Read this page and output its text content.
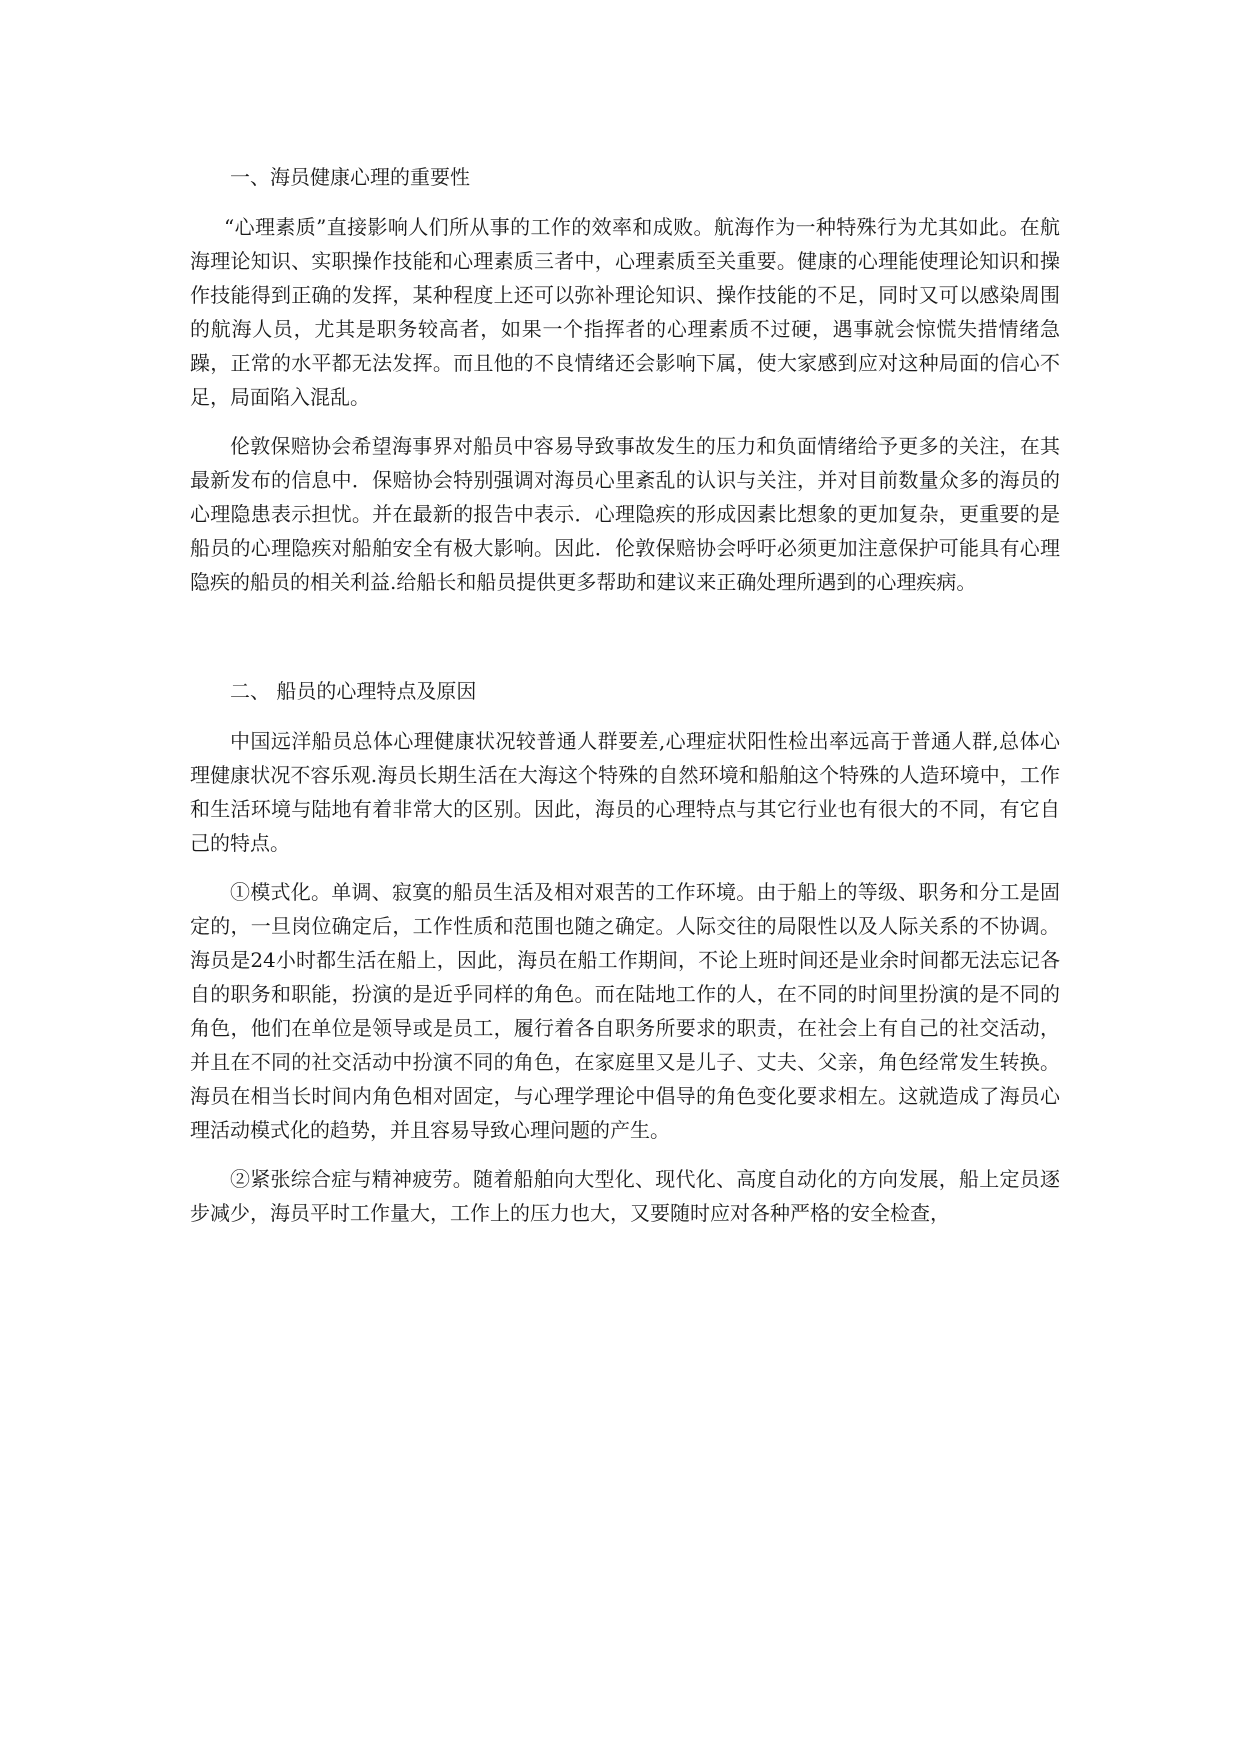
一、海员健康心理的重要性

“心理素质”直接影响人们所从事的工作的效率和成败。航海作为一种特殊行为尤其如此。在航海理论知识、实职操作技能和心理素质三者中，心理素质至关重要。健康的心理能使理论知识和操作技能得到正确的发挥，某种程度上还可以弥补理论知识、操作技能的不足，同时又可以感染周围的航海人员，尤其是职务较高者，如果一个指挥者的心理素质不过硬，遇事就会惊慌失措情绪急躁，正常的水平都无法发挥。而且他的不良情绪还会影响下属，使大家感到应对这种局面的信心不足，局面陷入混乱。

伦敦保赔协会希望海事界对船员中容易导致事故发生的压力和负面情绪给予更多的关注，在其最新发布的信息中．保赔协会特别强调对海员心里紊乱的认识与关注，并对目前数量众多的海员的心理隐患表示担忧。并在最新的报告中表示．心理隐疾的形成因素比想象的更加复杂，更重要的是船员的心理隐疾对船舶安全有极大影响。因此．伦敦保赔协会呼吁必须更加注意保护可能具有心理隐疾的船员的相关利益.给船长和船员提供更多帮助和建议来正确处理所遇到的心理疾病。

二、 船员的心理特点及原因

中国远洋船员总体心理健康状况较普通人群要差,心理症状阳性检出率远高于普通人群,总体心理健康状况不容乐观.海员长期生活在大海这个特殊的自然环境和船舶这个特殊的人造环境中，工作和生活环境与陆地有着非常大的区别。因此，海员的心理特点与其它行业也有很大的不同，有它自己的特点。

①模式化。单调、寂寞的船员生活及相对艰苦的工作环境。由于船上的等级、职务和分工是固定的，一旦岗位确定后，工作性质和范围也随之确定。人际交往的局限性以及人际关系的不协调。海员是24小时都生活在船上，因此，海员在船工作期间，不论上班时间还是业余时间都无法忘记各自的职务和职能，扮演的是近乎同样的角色。而在陆地工作的人，在不同的时间里扮演的是不同的角色，他们在单位是领导或是员工，履行着各自职务所要求的职责，在社会上有自己的社交活动，并且在不同的社交活动中扮演不同的角色，在家庭里又是儿子、丈夫、父亲，角色经常发生转换。海员在相当长时间内角色相对固定，与心理学理论中倡导的角色变化要求相左。这就造成了海员心理活动模式化的趋势，并且容易导致心理问题的产生。

②紧张综合症与精神疲劳。随着船舶向大型化、现代化、高度自动化的方向发展，船上定员逐步减少，海员平时工作量大，工作上的压力也大，又要随时应对各种严格的安全检查，
